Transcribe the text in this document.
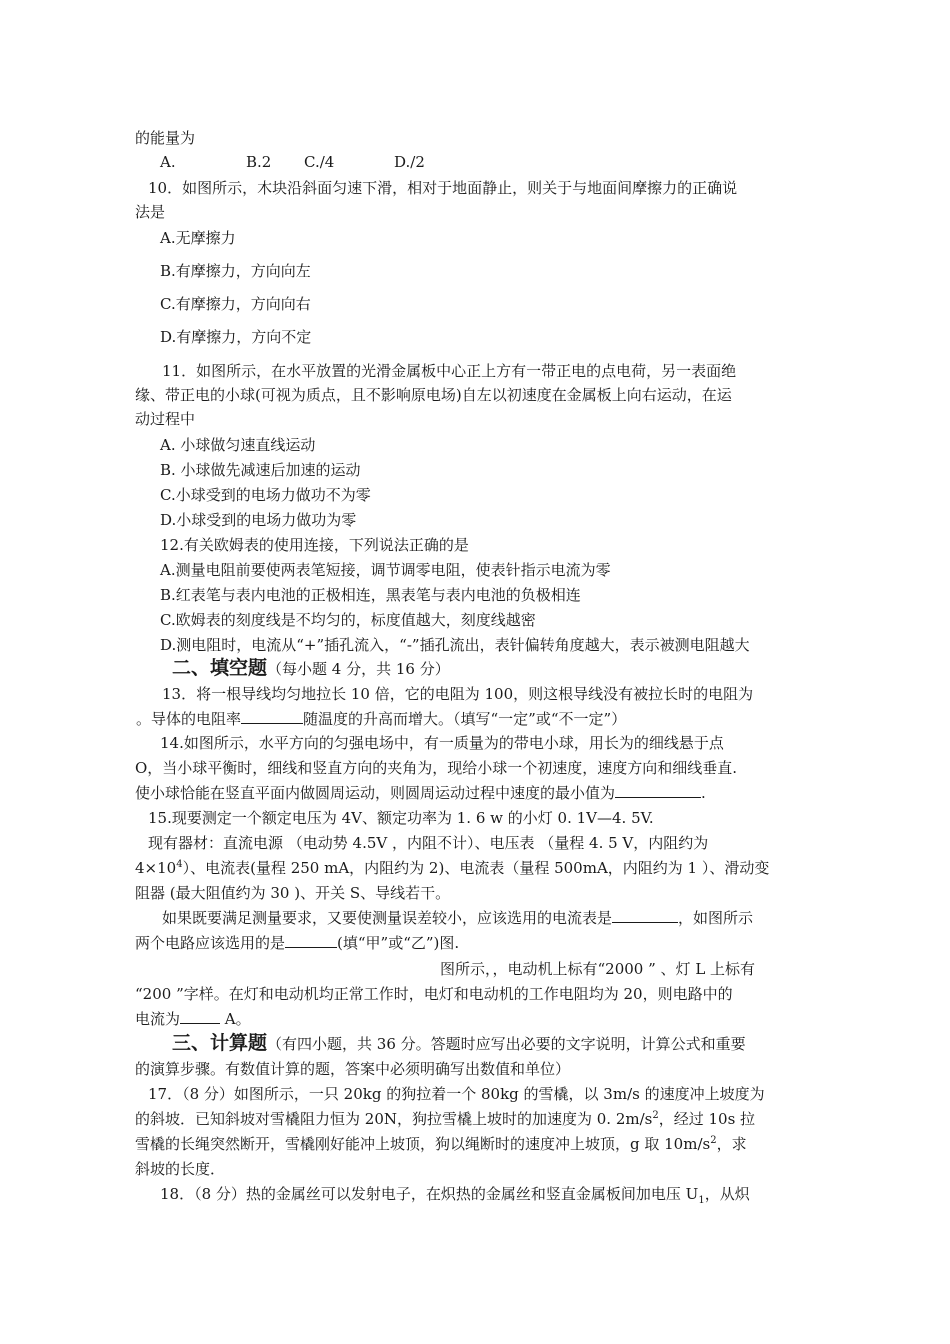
的能量为
A.	B.2 C./4	D./2
10．如图所示，木块沿斜面匀速下滑，相对于地面静止，则关于与地面间摩擦力的正确说
法是
A.无摩擦力
B.有摩擦力，方向向左
C.有摩擦力，方向向右
D.有摩擦力，方向不定
11．如图所示，在水平放置的光滑金属板中心正上方有一带正电的点电荷，另一表面绝
缘、带正电的小球(可视为质点，且不影响原电场)自左以初速度在金属板上向右运动，在运
动过程中
A. 小球做匀速直线运动
B. 小球做先减速后加速的运动
C.小球受到的电场力做功不为零
D.小球受到的电场力做功为零
12.有关欧姆表的使用连接，下列说法正确的是
A.测量电阻前要使两表笔短接，调节调零电阻，使表针指示电流为零
B.红表笔与表内电池的正极相连，黑表笔与表内电池的负极相连
C.欧姆表的刻度线是不均匀的，标度值越大，刻度线越密
D.测电阻时，电流从“+”插孔流入，“-”插孔流出，表针偏转角度越大，表示被测电阻越大
二、填空题（每小题 4 分，共 16 分）
13．将一根导线均匀地拉长 10 倍，它的电阻为 100，则这根导线没有被拉长时的电阻为
。导体的电阻率	随温度的升高而增大。（填写“一定”或“不一定”）
14.如图所示，水平方向的匀强电场中，有一质量为的带电小球，用长为的细线悬于点
O，当小球平衡时，细线和竖直方向的夹角为，现给小球一个初速度，速度方向和细线垂直.
使小球恰能在竖直平面内做圆周运动，则圆周运动过程中速度的最小值为	.
15.现要测定一个额定电压为 4V、额定功率为 1. 6 w 的小灯 0. 1V—4. 5V.
现有器材：直流电源 （电动势 4.5V ，内阻不计）、电压表 （量程 4. 5 V，内阻约为
$4\times 10^4$）、电流表(量程 250 mA，内阻约为 2)、电流表（量程 500mA，内阻约为 1 ）、滑动变
阻器 (最大阻值约为 30 )、开关 S、导线若干。
如果既要满足测量要求，又要使测量误差较小，应该选用的电流表是	，如图所示
两个电路应该选用的是	(填“甲”或“乙”)图.
图所示，，电动机上标有“2000 ” 、灯 L 上标有
“200 ”字样。在灯和电动机均正常工作时，电灯和电动机的工作电阻均为 20，则电路中的
电流为	A。
三、计算题（有四小题，共 36 分。答题时应写出必要的文字说明，计算公式和重要
的演算步骤。有数值计算的题，答案中必须明确写出数值和单位）
17．（8 分）如图所示，一只 20kg 的狗拉着一个 80kg 的雪橇，以 3m/s 的速度冲上坡度为
的斜坡．已知斜坡对雪橇阻力恒为 20N，狗拉雪橇上坡时的加速度为 0. $2m/s^2$，经过 10s 拉
雪橇的长绳突然断开，雪橇刚好能冲上坡顶，狗以绳断时的速度冲上坡顶，g 取 $10m/s^2$，求
斜坡的长度．
18．（8 分）热的金属丝可以发射电子，在炽热的金属丝和竖直金属板间加电压 $U_1$，从炽
